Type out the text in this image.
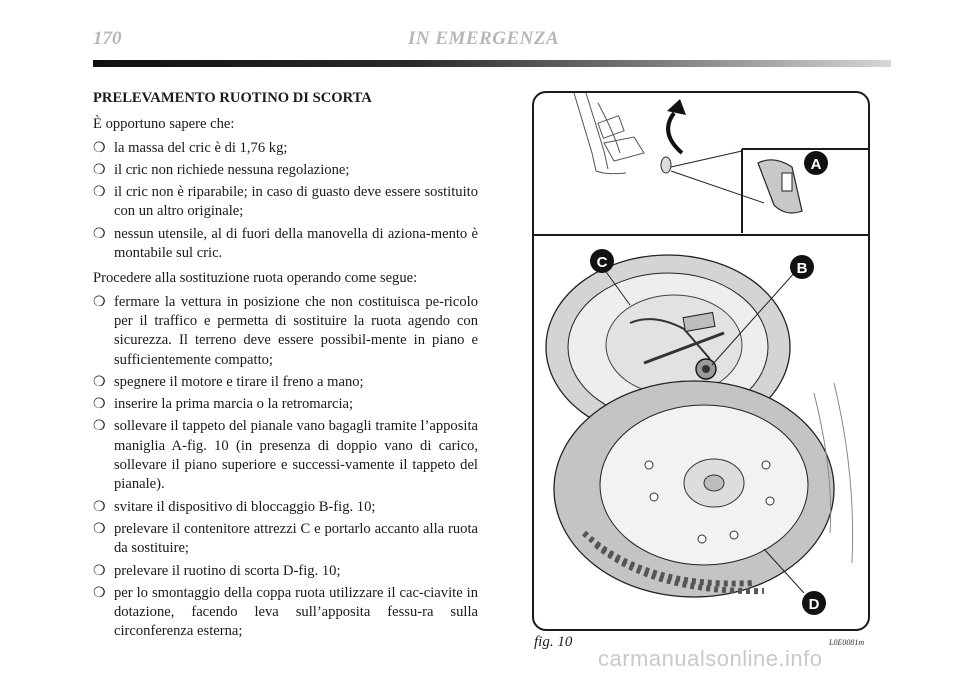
170	IN EMERGENZA
PRELEVAMENTO RUOTINO DI SCORTA
È opportuno sapere che:
❍ la massa del cric è di 1,76 kg;
❍ il cric non richiede nessuna regolazione;
❍ il cric non è riparabile; in caso di guasto deve essere sostituito con un altro originale;
❍ nessun utensile, al di fuori della manovella di aziona-mento è montabile sul cric.
Procedere alla sostituzione ruota operando come segue:
❍ fermare la vettura in posizione che non costituisca pe-ricolo per il traffico e permetta di sostituire la ruota agendo con sicurezza. Il terreno deve essere possibil-mente in piano e sufficientemente compatto;
❍ spegnere il motore e tirare il freno a mano;
❍ inserire la prima marcia o la retromarcia;
❍ sollevare il tappeto del pianale vano bagagli tramite l’apposita maniglia A-fig. 10 (in presenza di doppio vano di carico, sollevare il piano superiore e successi-vamente il tappeto del pianale).
❍ svitare il dispositivo di bloccaggio B-fig. 10;
❍ prelevare il contenitore attrezzi C e portarlo accanto alla ruota da sostituire;
❍ prelevare il ruotino di scorta D-fig. 10;
❍ per lo smontaggio della coppa ruota utilizzare il cac-ciavite in dotazione, facendo leva sull’apposita fessu-ra sulla circonferenza esterna;
A
C	B
D
fig. 10	L0E0081m
carmanualsonline.info
